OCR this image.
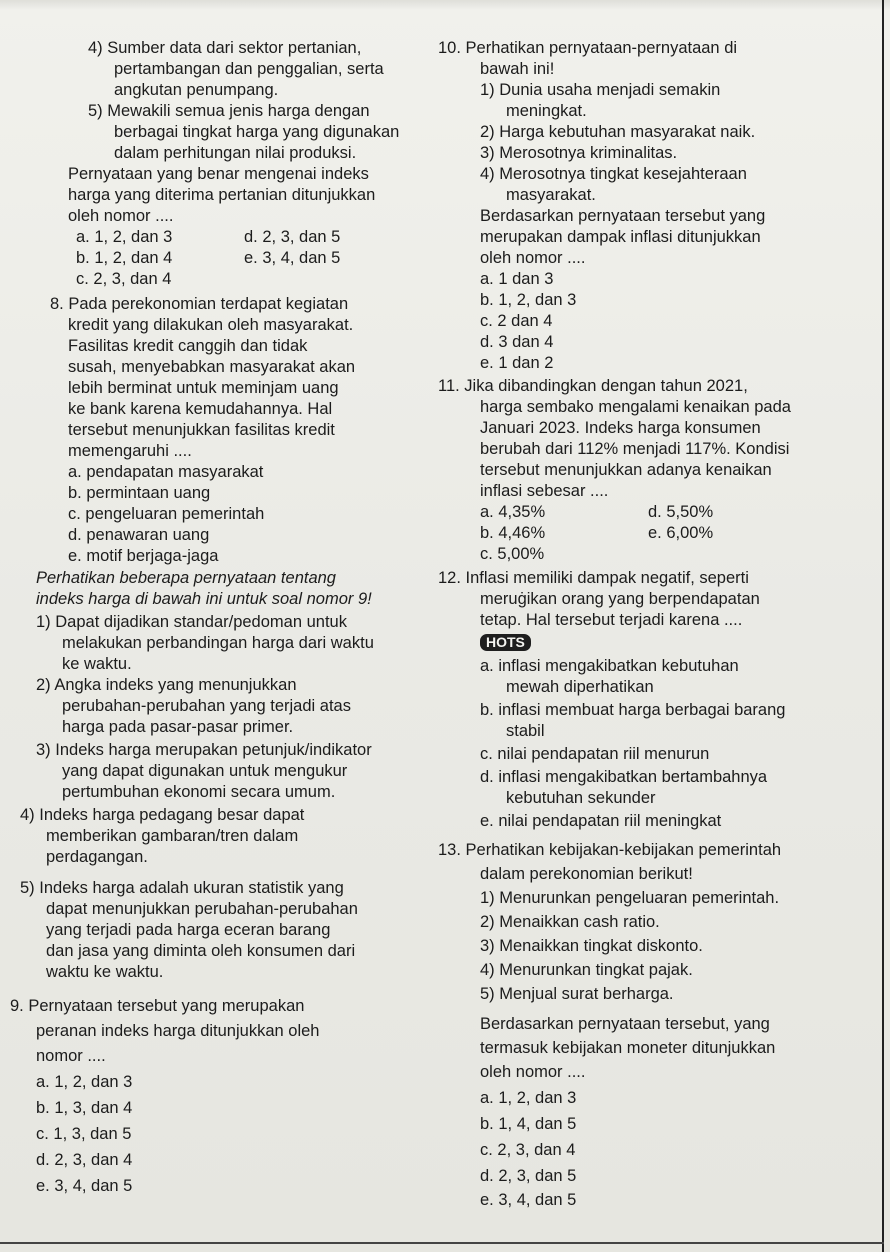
4) Sumber data dari sektor pertanian,
pertambangan dan penggalian, serta
angkutan penumpang.
5) Mewakili semua jenis harga dengan
berbagai tingkat harga yang digunakan
dalam perhitungan nilai produksi.
Pernyataan yang benar mengenai indeks
harga yang diterima pertanian ditunjukkan
oleh nomor ....
a. 1, 2, dan 3	d. 2, 3, dan 5
b. 1, 2, dan 4	e. 3, 4, dan 5
c. 2, 3, dan 4
8. Pada perekonomian terdapat kegiatan
kredit yang dilakukan oleh masyarakat.
Fasilitas kredit canggih dan tidak
susah, menyebabkan masyarakat akan
lebih berminat untuk meminjam uang
ke bank karena kemudahannya. Hal
tersebut menunjukkan fasilitas kredit
memengaruhi ....
a. pendapatan masyarakat
b. permintaan uang
c. pengeluaran pemerintah
d. penawaran uang
e. motif berjaga-jaga
Perhatikan beberapa pernyataan tentang
indeks harga di bawah ini untuk soal nomor 9!
1) Dapat dijadikan standar/pedoman untuk
melakukan perbandingan harga dari waktu
ke waktu.
2) Angka indeks yang menunjukkan
perubahan-perubahan yang terjadi atas
harga pada pasar-pasar primer.
3) Indeks harga merupakan petunjuk/indikator
yang dapat digunakan untuk mengukur
pertumbuhan ekonomi secara umum.
4) Indeks harga pedagang besar dapat
memberikan gambaran/tren dalam
perdagangan.
5) Indeks harga adalah ukuran statistik yang
dapat menunjukkan perubahan-perubahan
yang terjadi pada harga eceran barang
dan jasa yang diminta oleh konsumen dari
waktu ke waktu.
9. Pernyataan tersebut yang merupakan
peranan indeks harga ditunjukkan oleh
nomor ....
a. 1, 2, dan 3
b. 1, 3, dan 4
c. 1, 3, dan 5
d. 2, 3, dan 4
e. 3, 4, dan 5
10. Perhatikan pernyataan-pernyataan di
bawah ini!
1) Dunia usaha menjadi semakin
meningkat.
2) Harga kebutuhan masyarakat naik.
3) Merosotnya kriminalitas.
4) Merosotnya tingkat kesejahteraan
masyarakat.
Berdasarkan pernyataan tersebut yang
merupakan dampak inflasi ditunjukkan
oleh nomor ....
a. 1 dan 3
b. 1, 2, dan 3
c. 2 dan 4
d. 3 dan 4
e. 1 dan 2
11. Jika dibandingkan dengan tahun 2021,
harga sembako mengalami kenaikan pada
Januari 2023. Indeks harga konsumen
berubah dari 112% menjadi 117%. Kondisi
tersebut menunjukkan adanya kenaikan
inflasi sebesar ....
a. 4,35%	d. 5,50%
b. 4,46%	e. 6,00%
c. 5,00%
12. Inflasi memiliki dampak negatif, seperti
meruġikan orang yang berpendapatan
tetap. Hal tersebut terjadi karena ....
a. inflasi mengakibatkan kebutuhan
mewah diperhatikan
b. inflasi membuat harga berbagai barang
stabil
c. nilai pendapatan riil menurun
d. inflasi mengakibatkan bertambahnya
kebutuhan sekunder
e. nilai pendapatan riil meningkat
13. Perhatikan kebijakan-kebijakan pemerintah
dalam perekonomian berikut!
1) Menurunkan pengeluaran pemerintah.
2) Menaikkan cash ratio.
3) Menaikkan tingkat diskonto.
4) Menurunkan tingkat pajak.
5) Menjual surat berharga.
Berdasarkan pernyataan tersebut, yang
termasuk kebijakan moneter ditunjukkan
oleh nomor ....
a. 1, 2, dan 3
b. 1, 4, dan 5
c. 2, 3, dan 4
d. 2, 3, dan 5
e. 3, 4, dan 5
HOTS
